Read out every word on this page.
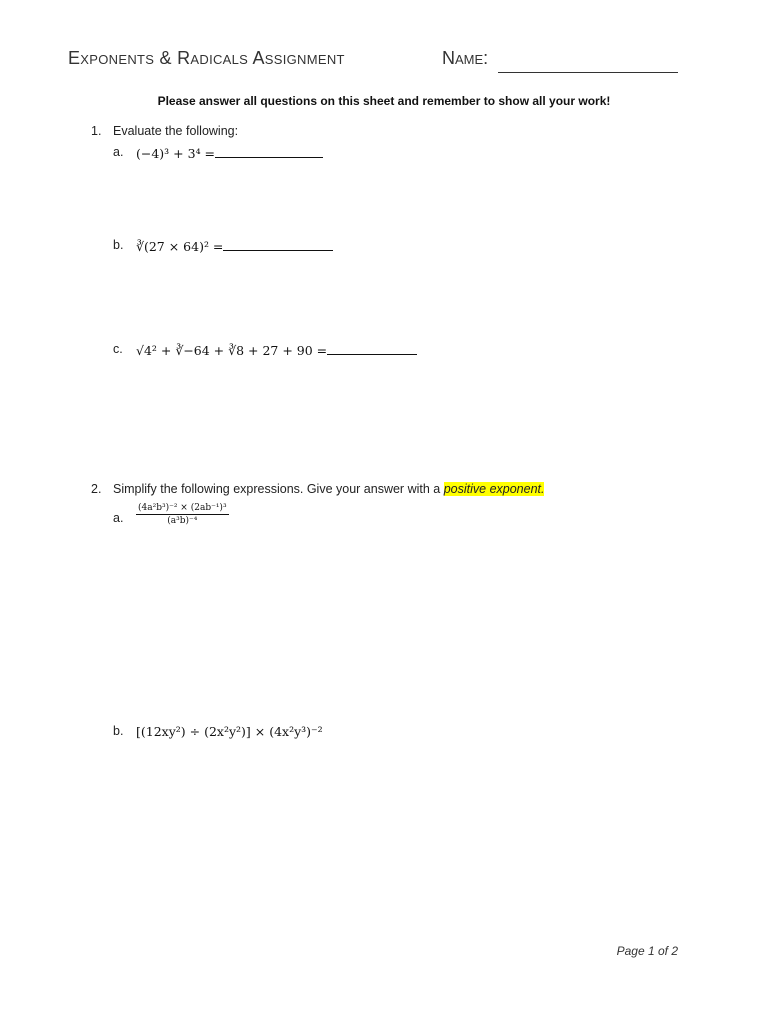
Exponents & Radicals Assignment	Name:
Please answer all questions on this sheet and remember to show all your work!
1. Evaluate the following:
a. (−4)³ + 3⁴ =
b. ∛(27 × 64)² =
c. √4² + ∛−64 + ∛8 + 27 + 90 =
2. Simplify the following expressions. Give your answer with a positive exponent.
a. $\frac{\text{(4a²b³)⁻² × (2ab⁻¹)³}}{\text{(a³b)⁻⁴}}$
b. [(12xy²) ÷ (2x²y²)] × (4x²y³)⁻²
Page 1 of 2
